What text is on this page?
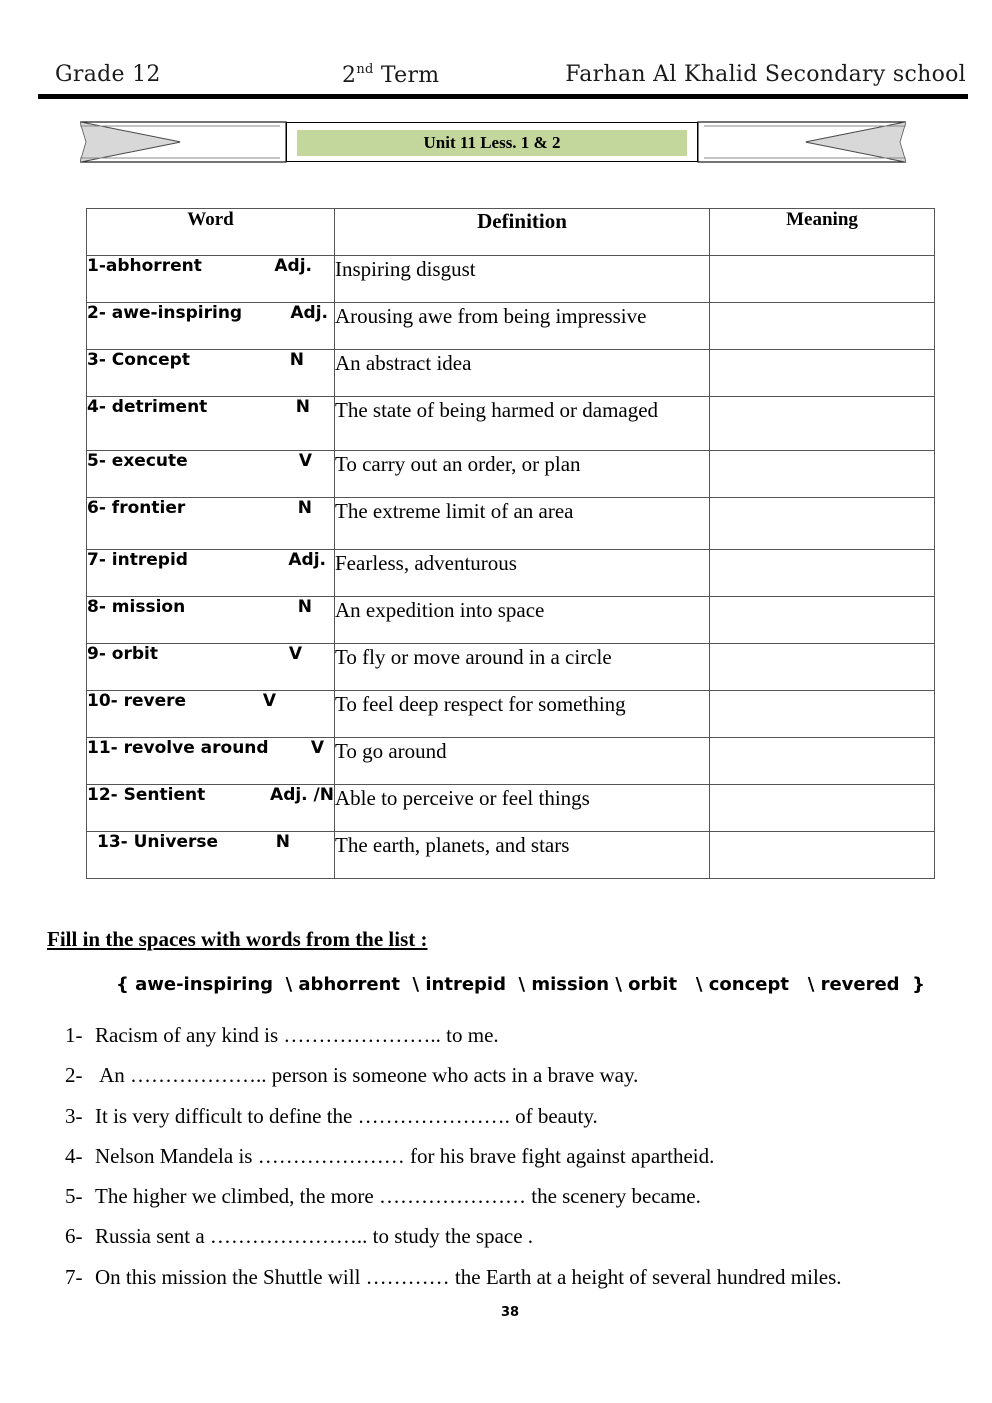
Grade 12	2nd Term	Farhan Al Khalid Secondary school
Unit 11 Less. 1 & 2
Word	Definition	Meaning

1-abhorrent Adj.	Inspiring disgust	

2- awe-inspiring Adj.	Arousing awe from being impressive	

3- Concept N	An abstract idea	

4- detriment N	The state of being harmed or damaged	

5- execute V	To carry out an order, or plan	

6- frontier N	The extreme limit of an area	

7- intrepid Adj.	Fearless, adventurous	

8- mission N	An expedition into space	

9- orbit V	To fly or move around in a circle	

10- revere V	To feel deep respect for something	

11- revolve around V	To go around	

12- Sentient Adj. /N	Able to perceive or feel things	

13- Universe N	The earth, planets, and stars	
Fill in the spaces with words from the list :
{ awe-inspiring  \ abhorrent  \ intrepid  \ mission \ orbit   \ concept   \ revered  }
1- Racism of any kind is ………………….. to me.
2- An ……………….. person is someone who acts in a brave way.
3- It is very difficult to define the …………………. of beauty.
4- Nelson Mandela is ………………… for his brave fight against apartheid.
5- The higher we climbed, the more ………………… the scenery became.
6- Russia sent a ………………….. to study the space .
7- On this mission the Shuttle will ………… the Earth at a height of several hundred miles.
38
